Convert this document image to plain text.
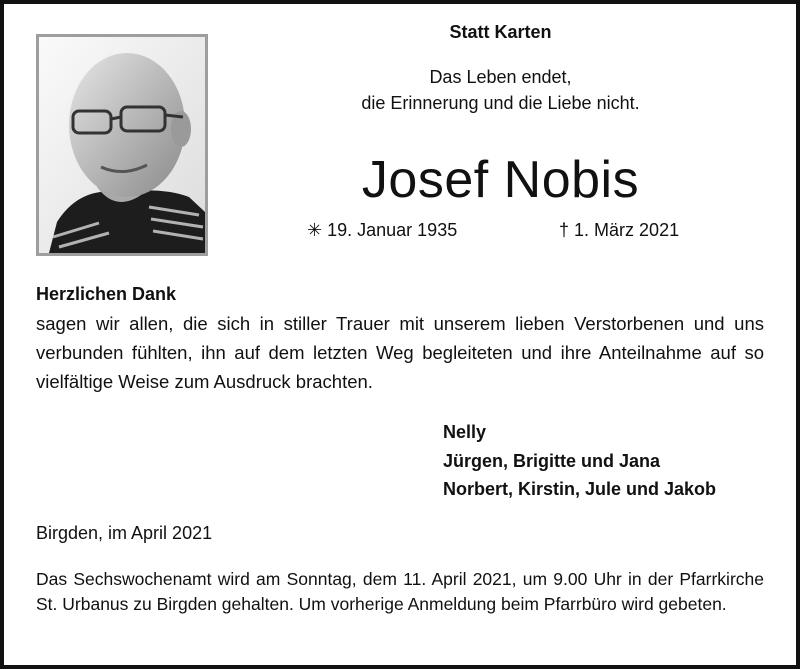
Statt Karten
Das Leben endet,
die Erinnerung und die Liebe nicht.
Josef Nobis
✳ 19. Januar 1935	† 1. März 2021
Herzlichen Dank
sagen wir allen, die sich in stiller Trauer mit unserem lieben Verstorbenen und uns verbunden fühlten, ihn auf dem letzten Weg begleiteten und ihre Anteilnahme auf so vielfältige Weise zum Ausdruck brachten.
Nelly
Jürgen, Brigitte und Jana
Norbert, Kirstin, Jule und Jakob
Birgden, im April 2021
Das Sechswochenamt wird am Sonntag, dem 11. April 2021, um 9.00 Uhr in der Pfarrkirche St. Urbanus zu Birgden gehalten. Um vorherige Anmeldung beim Pfarrbüro wird gebeten.
